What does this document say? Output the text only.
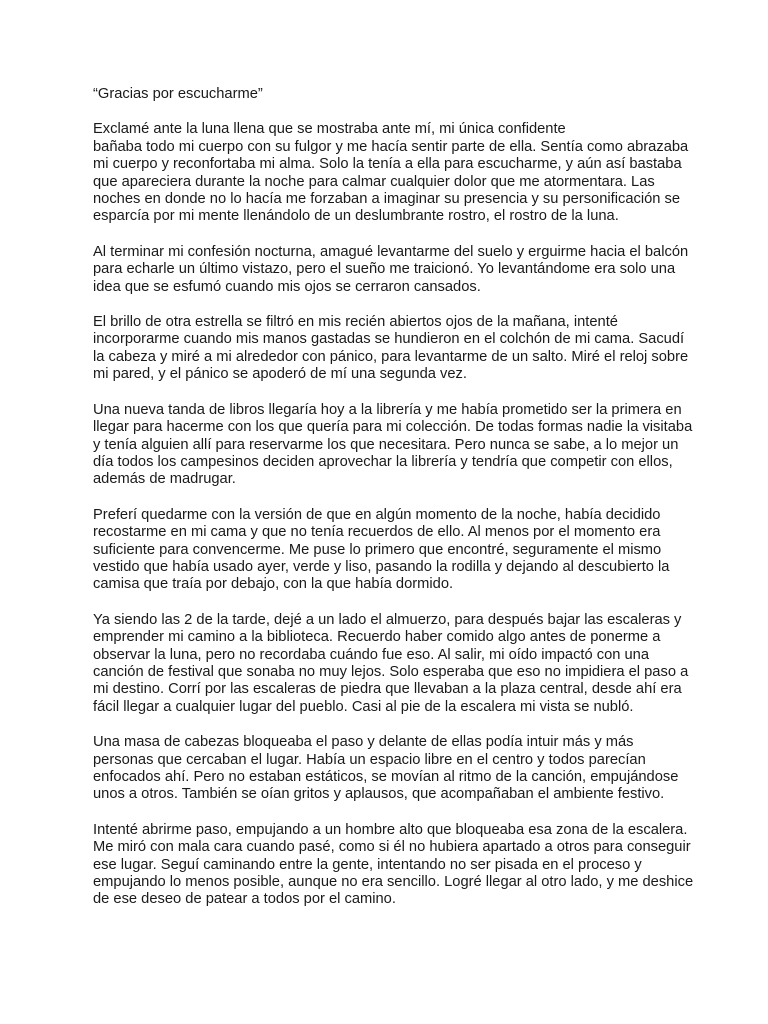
“Gracias por escucharme”
Exclamé ante la luna llena que se mostraba ante mí, mi única confidente
bañaba todo mi cuerpo con su fulgor y me hacía sentir parte de ella. Sentía como abrazaba
mi cuerpo y reconfortaba mi alma. Solo la tenía a ella para escucharme, y aún así bastaba
que apareciera durante la noche para calmar cualquier dolor que me atormentara. Las
noches en donde no lo hacía me forzaban a imaginar su presencia y su personificación se
esparcía por mi mente llenándolo de un deslumbrante rostro, el rostro de la luna.
Al terminar mi confesión nocturna, amagué levantarme del suelo y erguirme hacia el balcón
para echarle un último vistazo, pero el sueño me traicionó. Yo levantándome era solo una
idea que se esfumó cuando mis ojos se cerraron cansados.
El brillo de otra estrella se filtró en mis recién abiertos ojos de la mañana, intenté
incorporarme cuando mis manos gastadas se hundieron en el colchón de mi cama. Sacudí
la cabeza y miré a mi alrededor con pánico, para levantarme de un salto. Miré el reloj sobre
mi pared, y el pánico se apoderó de mí una segunda vez.
Una nueva tanda de libros llegaría hoy a la librería y me había prometido ser la primera en
llegar para hacerme con los que quería para mi colección. De todas formas nadie la visitaba
y tenía alguien allí para reservarme los que necesitara. Pero nunca se sabe, a lo mejor un
día todos los campesinos deciden aprovechar la librería y tendría que competir con ellos,
además de madrugar.
Preferí quedarme con la versión de que en algún momento de la noche, había decidido
recostarme en mi cama y que no tenía recuerdos de ello. Al menos por el momento era
suficiente para convencerme. Me puse lo primero que encontré, seguramente el mismo
vestido que había usado ayer, verde y liso, pasando la rodilla y dejando al descubierto la
camisa que traía por debajo, con la que había dormido.
Ya siendo las 2 de la tarde, dejé a un lado el almuerzo, para después bajar las escaleras y
emprender mi camino a la biblioteca. Recuerdo haber comido algo antes de ponerme a
observar la luna, pero no recordaba cuándo fue eso. Al salir, mi oído impactó con una
canción de festival que sonaba no muy lejos. Solo esperaba que eso no impidiera el paso a
mi destino. Corrí por las escaleras de piedra que llevaban a la plaza central, desde ahí era
fácil llegar a cualquier lugar del pueblo. Casi al pie de la escalera mi vista se nubló.
Una masa de cabezas bloqueaba el paso y delante de ellas podía intuir más y más
personas que cercaban el lugar. Había un espacio libre en el centro y todos parecían
enfocados ahí. Pero no estaban estáticos, se movían al ritmo de la canción, empujándose
unos a otros. También se oían gritos y aplausos, que acompañaban el ambiente festivo.
Intenté abrirme paso, empujando a un hombre alto que bloqueaba esa zona de la escalera.
Me miró con mala cara cuando pasé, como si él no hubiera apartado a otros para conseguir
ese lugar. Seguí caminando entre la gente, intentando no ser pisada en el proceso y
empujando lo menos posible, aunque no era sencillo. Logré llegar al otro lado, y me deshice
de ese deseo de patear a todos por el camino.
